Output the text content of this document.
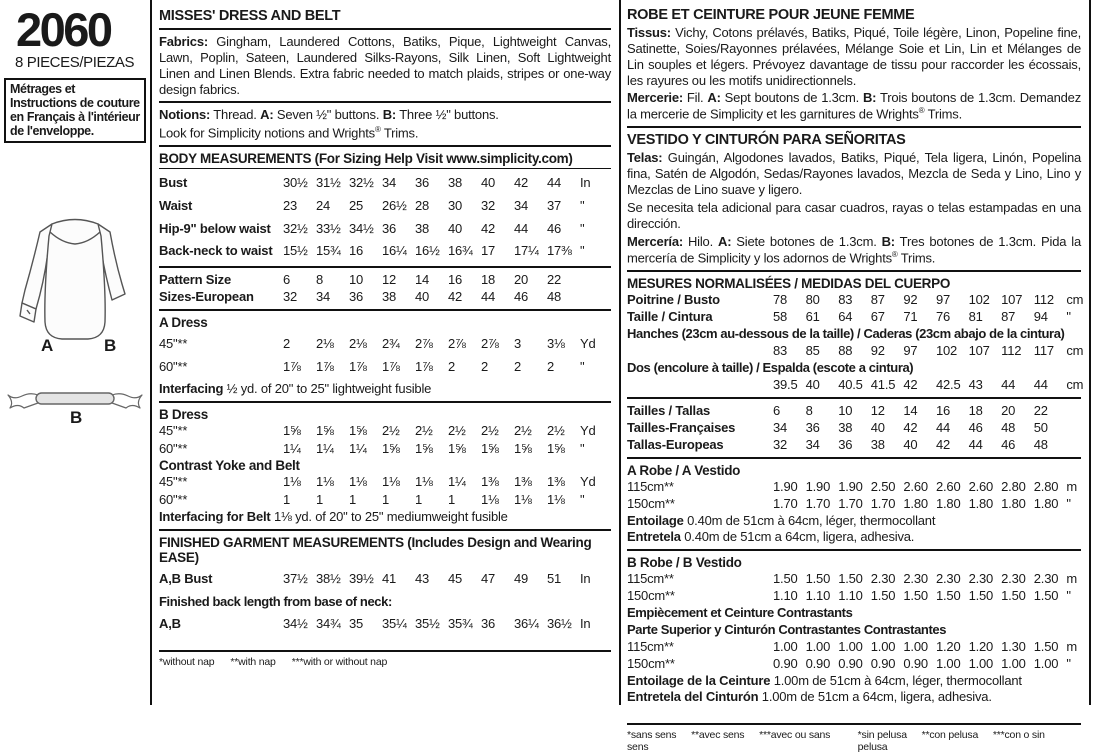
2060
8 PIECES/PIEZAS
Métrages et Instructions de couture en Français à l'intérieur de l'enveloppe.
A	B
B
MISSES' DRESS AND BELT

Fabrics: Gingham, Laundered Cottons, Batiks, Pique, Lightweight Canvas, Lawn, Poplin, Sateen, Laundered Silks-Rayons, Silk Linen, Soft Lightweight Linen and Linen Blends. Extra fabric needed to match plaids, stripes or one-way design fabrics.

Notions: Thread. A: Seven ½" buttons. B: Three ½" buttons.

Look for Simplicity notions and Wrights® Trims.

BODY MEASUREMENTS (For Sizing Help Visit www.simplicity.com)
Bust	30½ 31½ 32½ 34	36	38	40	42	44	In
Waist	23	24	25	26½ 28	30	32	34	37	"
Hip-9" below waist 32½ 33½ 34½ 36	38	40	42	44	46	"
Back-neck to waist 15½ 15¾ 16	16¼ 16½ 16¾ 17	17¼ 17⅜ "
Pattern Size	6	8	10	12	14	16	18	20	22
Sizes-European	32	34	36	38	40	42	44	46	48
A Dress
45"**	2	2⅛	2⅛	2¾	2⅞	2⅞	2⅞	3	3⅛	Yd
60"**	1⅞	1⅞	1⅞	1⅞	1⅞	2	2	2	2	"

Interfacing ½ yd. of 20" to 25" lightweight fusible

B Dress
45"**	1⅝	1⅝	1⅝	2½	2½	2½	2½	2½	2½	Yd
60"**	1¼	1¼	1¼	1⅝	1⅝	1⅝	1⅝	1⅝	1⅝	"
Contrast Yoke and Belt
45"**	1⅛	1⅛	1⅛	1⅛	1⅛	1¼	1⅜	1⅜	1⅜	Yd
60"**	1	1	1	1	1	1	1⅛	1⅛	1⅛	"

Interfacing for Belt 1⅛ yd. of 20" to 25" mediumweight fusible

FINISHED GARMENT MEASUREMENTS (Includes Design and Wearing EASE)
A,B Bust	37½ 38½ 39½ 41	43	45	47	49	51	In
Finished back length from base of neck:
A,B	34½ 34¾ 35	35¼ 35½ 35¾ 36	36¼ 36½ In
*without nap **with nap ***with or without nap
ROBE ET CEINTURE POUR JEUNE FEMME

Tissus: Vichy, Cotons prélavés, Batiks, Piqué, Toile légère, Linon, Popeline fine, Satinette, Soies/Rayonnes prélavées, Mélange Soie et Lin, Lin et Mélanges de Lin souples et légers. Prévoyez davantage de tissu pour raccorder les écossais, les rayures ou les motifs unidirectionnels.

Mercerie: Fil. A: Sept boutons de 1.3cm. B: Trois boutons de 1.3cm. Demandez la mercerie de Simplicity et les garnitures de Wrights® Trims.

VESTIDO Y CINTURÓN PARA SEÑORITAS

Telas: Guingán, Algodones lavados, Batiks, Piqué, Tela ligera, Linón, Popelina fina, Satén de Algodón, Sedas/Rayones lavados, Mezcla de Seda y Lino, Lino y Mezclas de Lino suave y ligero.

Se necesita tela adicional para casar cuadros, rayas o telas estampadas en una dirección.

Mercería: Hilo. A: Siete botones de 1.3cm. B: Tres botones de 1.3cm. Pida la mercería de Simplicity y los adornos de Wrights® Trims.

MESURES NORMALISÉES / MEDIDAS DEL CUERPO
Poitrine / Busto	78	80	83	87	92	97	102 107 112 cm
Taille / Cintura	58	61	64	67	71	76	81	87	94	"
Hanches (23cm au-dessous de la taille) / Caderas (23cm abajo de la cintura)
83	85	88	92	97	102 107 112 117 cm
Dos (encolure à taille) / Espalda (escote a cintura)
39.5 40	40.5 41.5 42	42.5 43	44	44	cm
Tailles / Tallas	6	8	10	12	14	16	18	20	22
Tailles-Françaises	34	36	38	40	42	44	46	48	50
Tallas-Europeas	32	34	36	38	40	42	44	46	48
A Robe / A Vestido
115cm**	1.90 1.90 1.90 2.50 2.60 2.60 2.60 2.80 2.80 m
150cm**	1.70 1.70 1.70 1.70 1.80 1.80 1.80 1.80 1.80 "

Entoilage 0.40m de 51cm à 64cm, léger, thermocollant

Entretela 0.40m de 51cm a 64cm, ligera, adhesiva.

B Robe / B Vestido
115cm**	1.50 1.50 1.50 2.30 2.30 2.30 2.30 2.30 2.30 m
150cm**	1.10 1.10 1.10 1.50 1.50 1.50 1.50 1.50 1.50 "
Empiècement et Ceinture Contrastants
Parte Superior y Cinturón Contrastantes Contrastantes
115cm**	1.00 1.00 1.00 1.00 1.00 1.20 1.20 1.30 1.50 m
150cm**	0.90 0.90 0.90 0.90 0.90 1.00 1.00 1.00 1.00 "

Entoilage de la Ceinture 1.00m de 51cm à 64cm, léger, thermocollant

Entretela del Cinturón 1.00m de 51cm a 64cm, ligera, adhesiva.

*sans sens **avec sens ***avec ou sans sens
*sin pelusa **con pelusa ***con o sin pelusa
